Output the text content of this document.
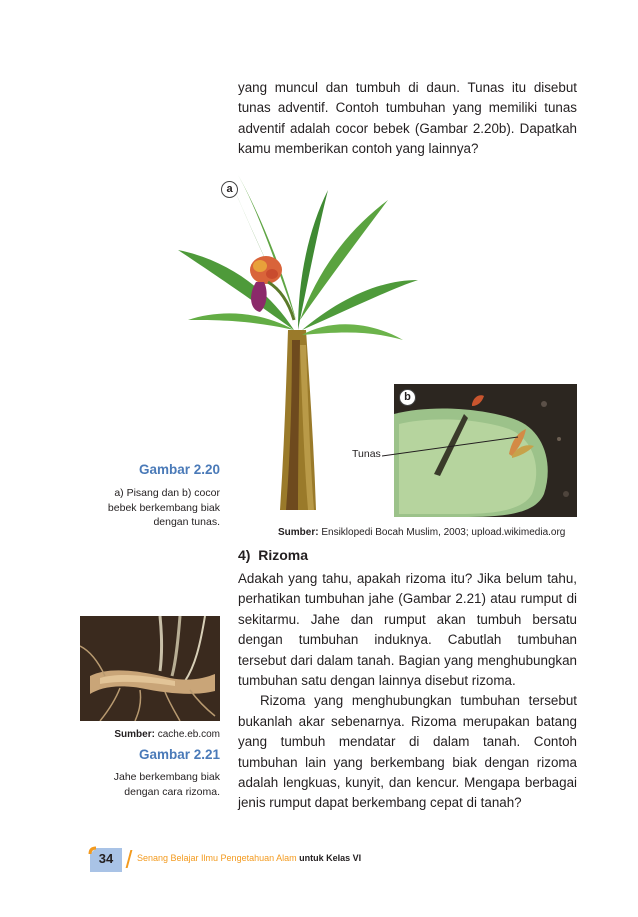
yang muncul dan tumbuh di daun. Tunas itu disebut tunas adventif. Contoh tumbuhan yang memiliki tunas adventif adalah cocor bebek (Gambar 2.20b). Dapatkah kamu memberikan contoh yang lainnya?

a
b
Tunas
Sumber: Ensiklopedi Bocah Muslim, 2003; upload.wikimedia.org
Gambar 2.20
a) Pisang dan b) cocor bebek berkembang biak dengan tunas.
4)  Rizoma

Adakah yang tahu, apakah rizoma itu? Jika belum tahu, perhatikan tumbuhan jahe (Gambar 2.21) atau rumput di sekitarmu. Jahe dan rumput akan tumbuh bersatu dengan tumbuhan induknya. Cabutlah tumbuhan tersebut dari dalam tanah. Bagian yang menghubungkan tumbuhan satu dengan lainnya disebut rizoma.

Rizoma yang menghubungkan tumbuhan tersebut bukanlah akar sebenarnya. Rizoma merupakan batang yang tumbuh mendatar di dalam tanah. Contoh tumbuhan lain yang berkembang biak dengan rizoma adalah lengkuas, kunyit, dan kencur. Mengapa berbagai jenis rumput dapat berkembang cepat di tanah?

Sumber: cache.eb.com
Gambar 2.21
Jahe berkembang biak dengan cara rizoma.
34	Senang Belajar Ilmu Pengetahuan Alam untuk Kelas VI
